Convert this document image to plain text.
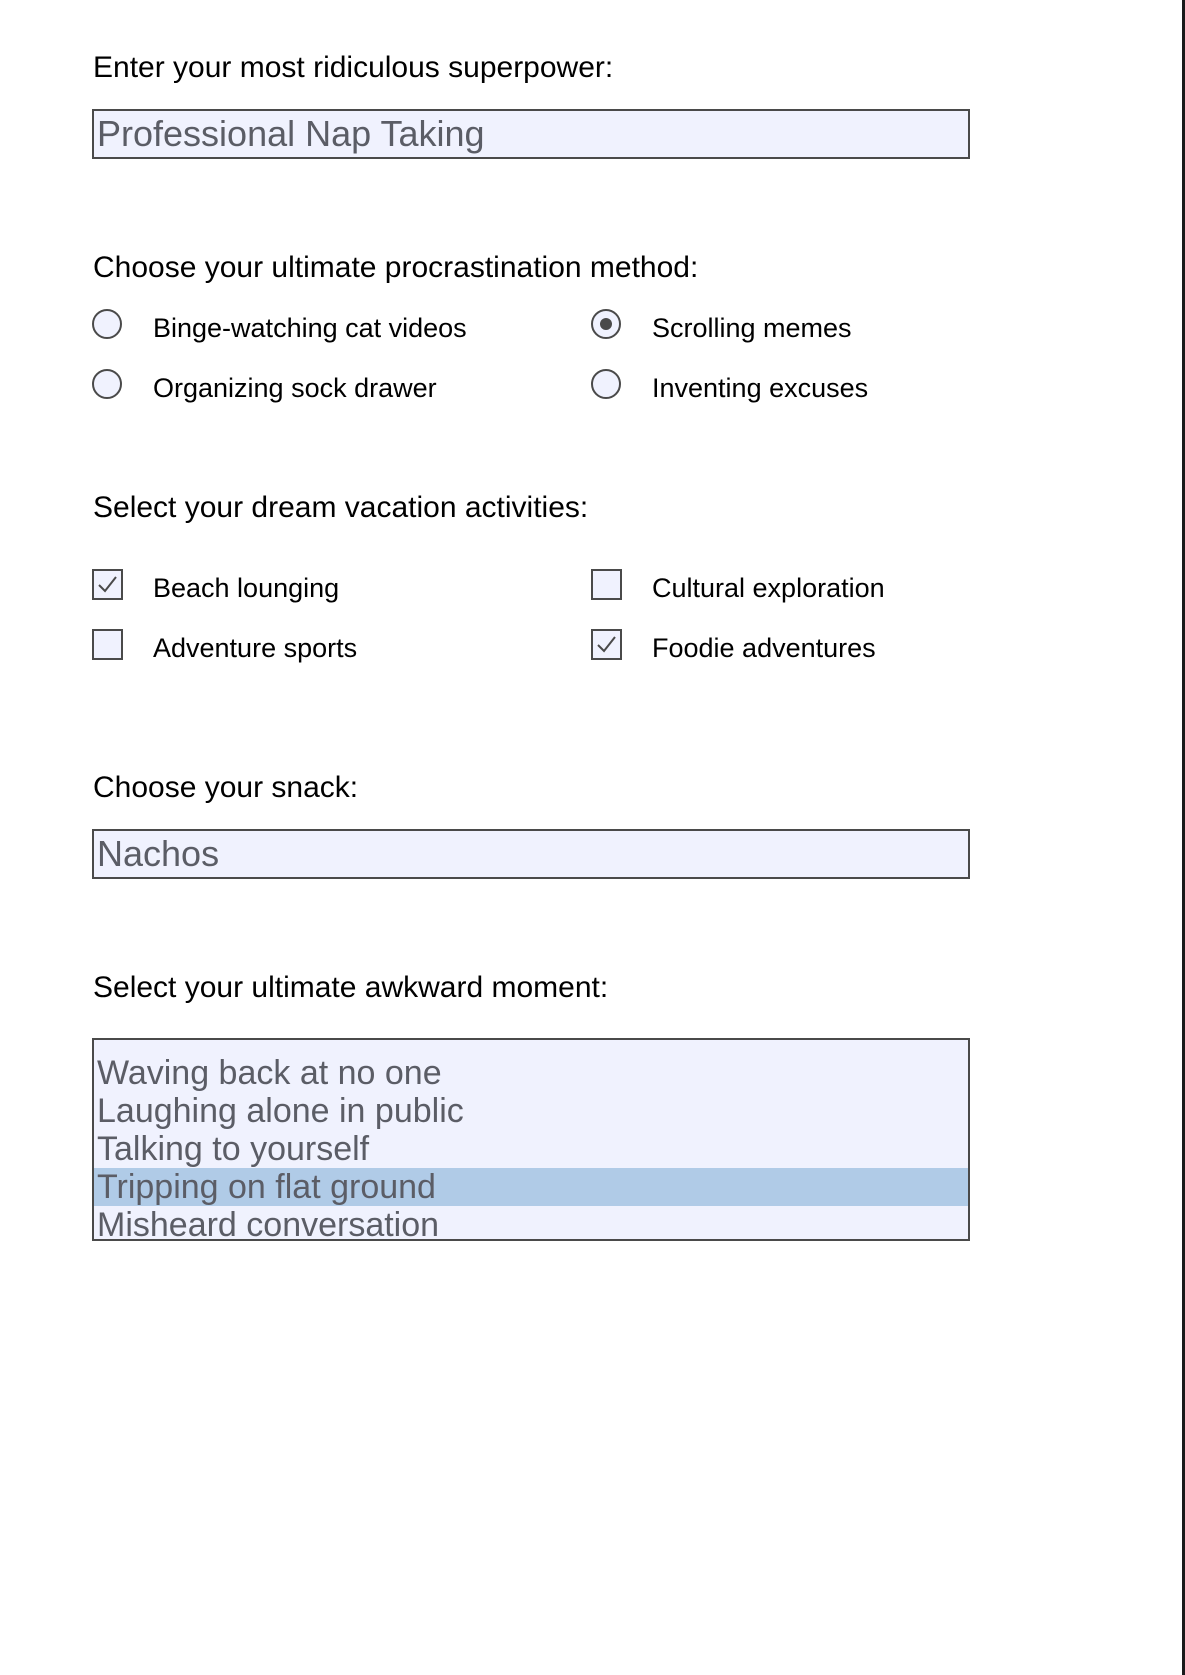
Enter your most ridiculous superpower:
Professional Nap Taking
Choose your ultimate procrastination method:
Binge-watching cat videos	Scrolling memes
Organizing sock drawer	Inventing excuses
Select your dream vacation activities:
Beach lounging	Cultural exploration
Adventure sports	Foodie adventures
Choose your snack:
Nachos
Select your ultimate awkward moment:
Waving back at no one
Laughing alone in public
Talking to yourself
Tripping on flat ground
Misheard conversation
